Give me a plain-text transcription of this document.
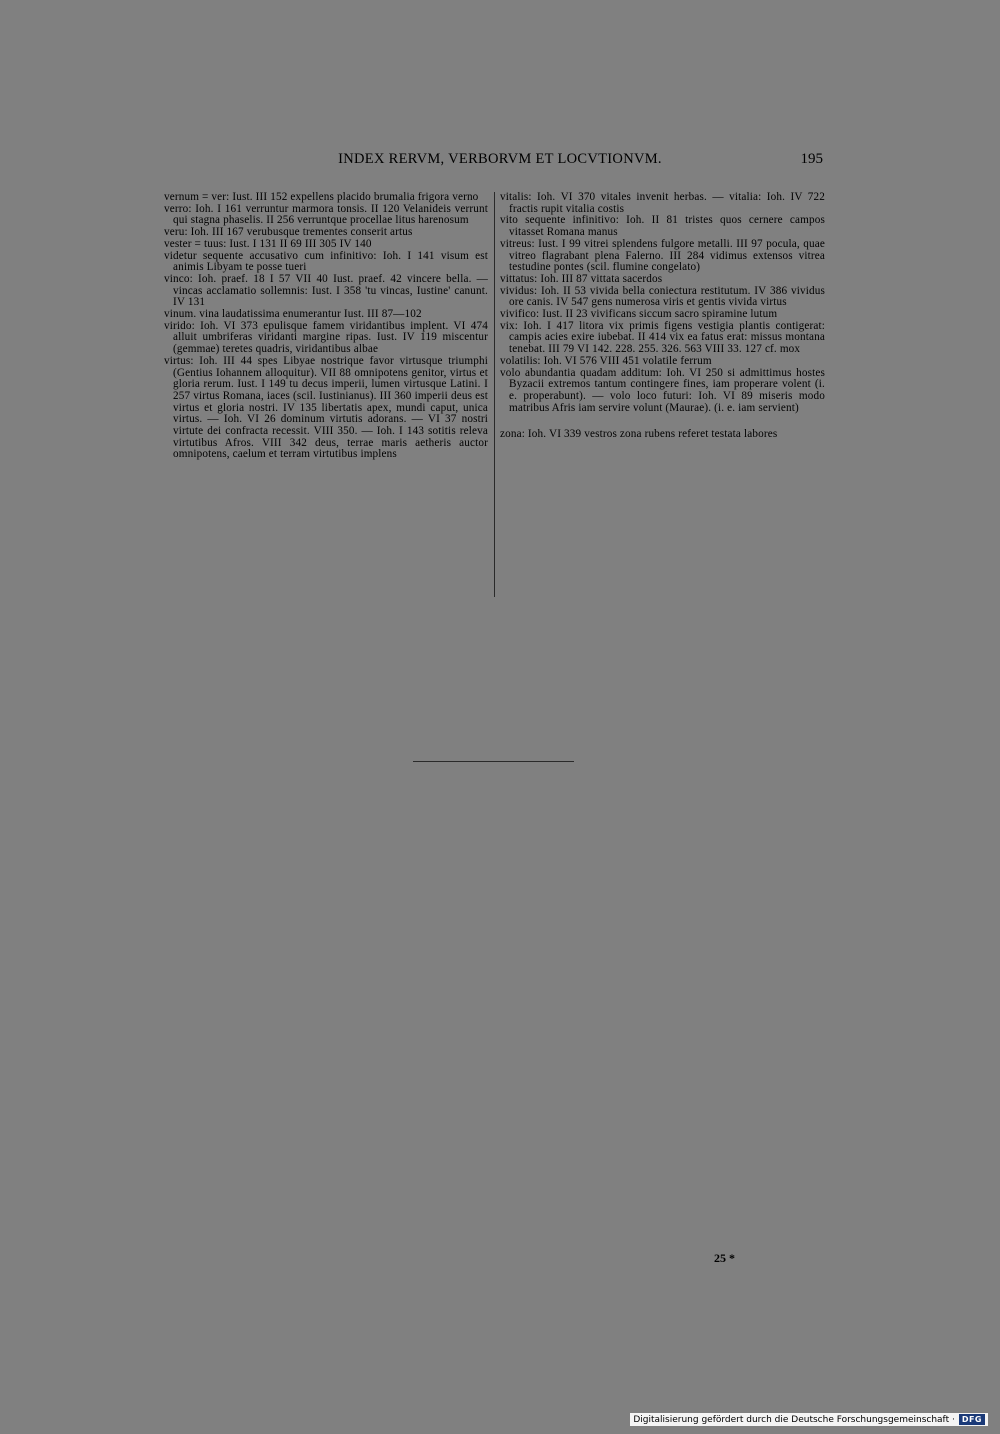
INDEX RERVM, VERBORVM ET LOCVTIONVM.	195
vernum = ver: Iust. III 152 expellens placido brumalia frigora verno
verro: Ioh. I 161 verruntur marmora tonsis. II 120 Velanideis verrunt qui stagna phaselis. II 256 verruntque procellae litus harenosum
veru: Ioh. III 167 verubusque trementes conserit artus
vester = tuus: Iust. I 131 II 69 III 305 IV 140
videtur sequente accusativo cum infinitivo: Ioh. I 141 visum est animis Libyam te posse tueri
vinco: Ioh. praef. 18 I 57 VII 40 Iust. praef. 42 vincere bella. — vincas acclamatio sollemnis: Iust. I 358 'tu vincas, Iustine' canunt. IV 131
vinum. vina laudatissima enumerantur Iust. III 87—102
virido: Ioh. VI 373 epulisque famem viridantibus implent. VI 474 alluit umbriferas viridanti margine ripas. Iust. IV 119 miscentur (gemmae) teretes quadris, viridantibus albae
virtus: Ioh. III 44 spes Libyae nostrique favor virtusque triumphi (Gentius Iohannem alloquitur). VII 88 omnipotens genitor, virtus et gloria rerum. Iust. I 149 tu decus imperii, lumen virtusque Latini. I 257 virtus Romana, iaces (scil. Iustinianus). III 360 imperii deus est virtus et gloria nostri. IV 135 libertatis apex, mundi caput, unica virtus. — Ioh. VI 26 dominum virtutis adorans. — VI 37 nostri virtute dei confracta recessit. VIII 350. — Ioh. I 143 sotitis releva virtutibus Afros. VIII 342 deus, terrae maris aetheris auctor omnipotens, caelum et terram virtutibus implens
vitalis: Ioh. VI 370 vitales invenit herbas. — vitalia: Ioh. IV 722 fractis rupit vitalia costis
vito sequente infinitivo: Ioh. II 81 tristes quos cernere campos vitasset Romana manus
vitreus: Iust. I 99 vitrei splendens fulgore metalli. III 97 pocula, quae vitreo flagrabant plena Falerno. III 284 vidimus extensos vitrea testudine pontes (scil. flumine congelato)
vittatus: Ioh. III 87 vittata sacerdos
vividus: Ioh. II 53 vivida bella coniectura restitutum. IV 386 vividus ore canis. IV 547 gens numerosa viris et gentis vivida virtus
vivifico: Iust. II 23 vivificans siccum sacro spiramine lutum
vix: Ioh. I 417 litora vix primis figens vestigia plantis contigerat: campis acies exire iubebat. II 414 vix ea fatus erat: missus montana tenebat. III 79 VI 142. 228. 255. 326. 563 VIII 33. 127 cf. mox
volatilis: Ioh. VI 576 VIII 451 volatile ferrum
volo abundantia quadam additum: Ioh. VI 250 si admittimus hostes Byzacii extremos tantum contingere fines, iam properare volent (i. e. properabunt). — volo loco futuri: Ioh. VI 89 miseris modo matribus Afris iam servire volunt (Maurae). (i. e. iam servient)
zona: Ioh. VI 339 vestros zona rubens referet testata labores
25 *
Digitalisierung gefördert durch die Deutsche Forschungsgemeinschaft · DFG
